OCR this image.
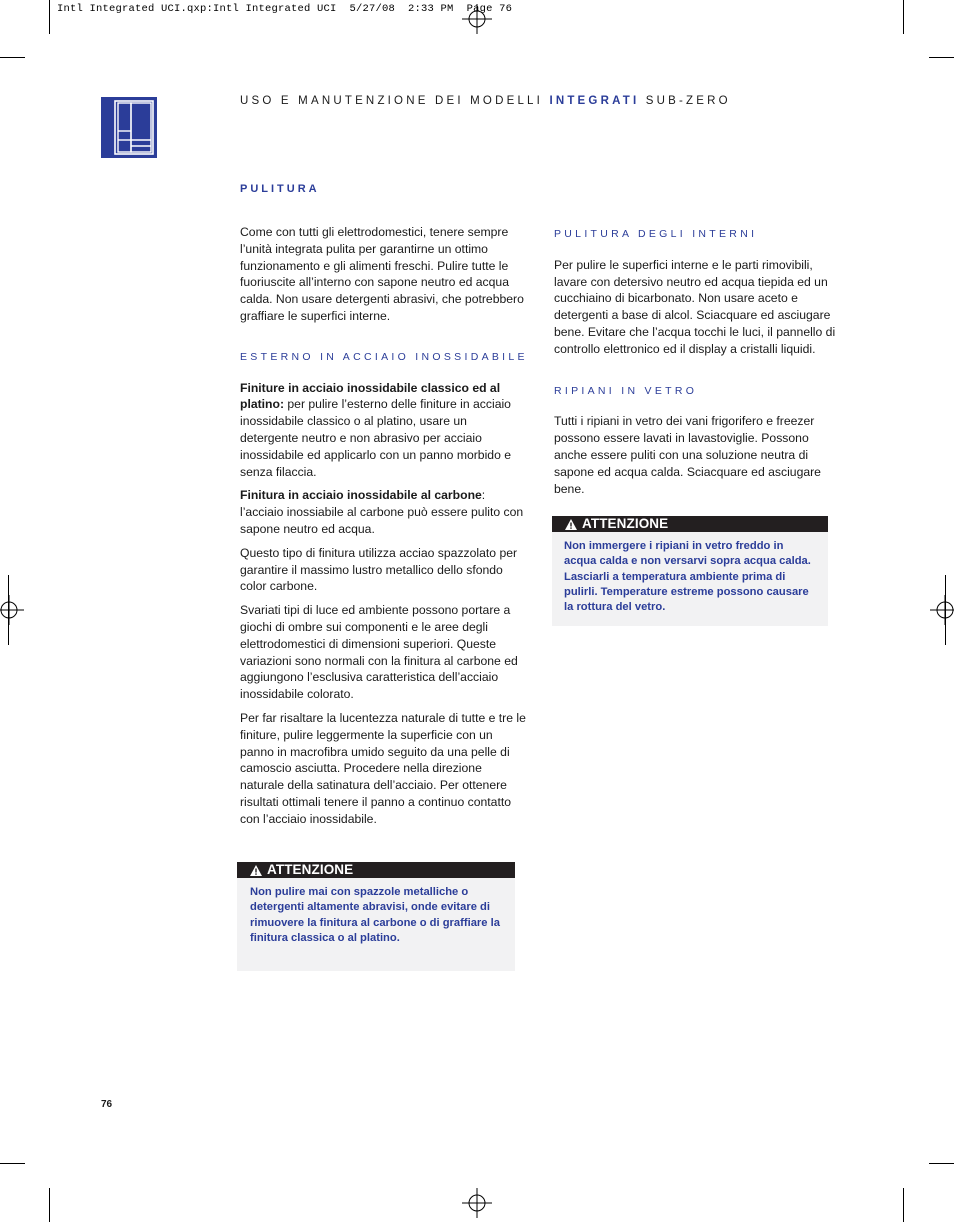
Intl Integrated UCI.qxp:Intl Integrated UCI  5/27/08  2:33 PM  Page 76
USO E MANUTENZIONE DEI MODELLI INTEGRATI SUB-ZERO
PULITURA

Come con tutti gli elettrodomestici, tenere sempre l’unità integrata pulita per garantirne un ottimo funzionamento e gli alimenti freschi. Pulire tutte le fuoriuscite all’interno con sapone neutro ed acqua calda. Non usare detergenti abrasivi, che potrebbero graffiare le superfici interne.

ESTERNO IN ACCIAIO INOSSIDABILE

Finiture in acciaio inossidabile classico ed al platino: per pulire l’esterno delle finiture in acciaio inossidabile classico o al platino, usare un detergente neutro e non abrasivo per acciaio inossidabile ed applicarlo con un panno morbido e senza filaccia.

Finitura in acciaio inossidabile al carbone:
l’acciaio inossiabile al carbone può essere pulito con sapone neutro ed acqua.

Questo tipo di finitura utilizza acciao spazzolato per garantire il massimo lustro metallico dello sfondo color carbone.

Svariati tipi di luce ed ambiente possono portare a giochi di ombre sui componenti e le aree degli elettrodomestici di dimensioni superiori. Queste variazioni sono normali con la finitura al carbone ed aggiungono l’esclusiva caratteristica dell’acciaio inossidabile colorato.

Per far risaltare la lucentezza naturale di tutte e tre le finiture, pulire leggermente la superficie con un panno in macrofibra umido seguito da una pelle di camoscio asciutta. Procedere nella direzione naturale della satinatura dell’acciaio. Per ottenere risultati ottimali tenere il panno a continuo contatto con l’acciaio inossidabile.

ATTENZIONE
Non pulire mai con spazzole metalliche o detergenti altamente abravisi, onde evitare di rimuovere la finitura al carbone o di graffiare la finitura classica o al platino.
PULITURA DEGLI INTERNI

Per pulire le superfici interne e le parti rimovibili, lavare con detersivo neutro ed acqua tiepida ed un cucchiaino di bicarbonato. Non usare aceto e detergenti a base di alcol. Sciacquare ed asciugare bene. Evitare che l’acqua tocchi le luci, il pannello di controllo elettronico ed il display a cristalli liquidi.

RIPIANI IN VETRO

Tutti i ripiani in vetro dei vani frigorifero e freezer possono essere lavati in lavastoviglie. Possono anche essere puliti con una soluzione neutra di sapone ed acqua calda. Sciacquare ed asciugare bene.

ATTENZIONE
Non immergere i ripiani in vetro freddo in acqua calda e non versarvi sopra acqua calda. Lasciarli a temperatura ambiente prima di pulirli. Temperature estreme possono causare la rottura del vetro.
76
